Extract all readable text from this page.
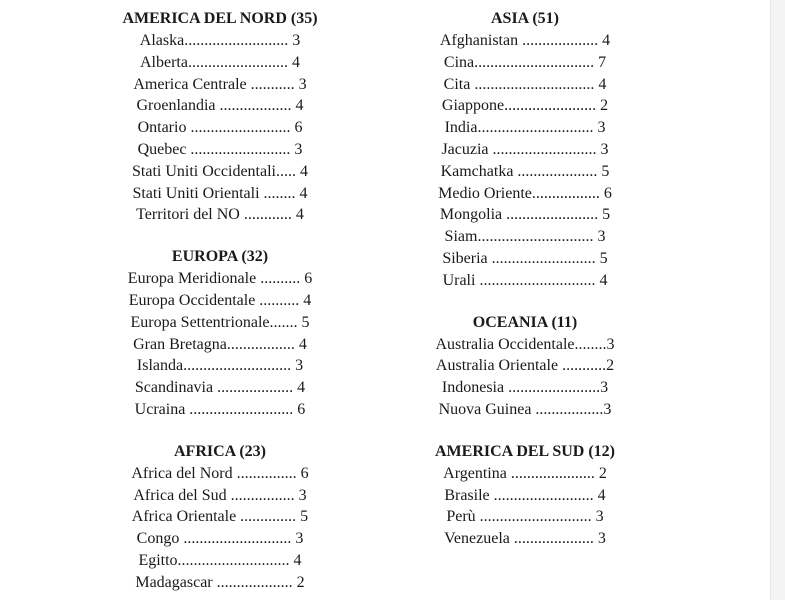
AMERICA DEL NORD (35)
Alaska.......................... 3
Alberta......................... 4
America Centrale ........... 3
Groenlandia .................. 4
Ontario ......................... 6
Quebec ......................... 3
Stati Uniti Occidentali..... 4
Stati Uniti Orientali ........ 4
Territori del NO ............ 4
EUROPA (32)
Europa Meridionale .......... 6
Europa Occidentale .......... 4
Europa Settentrionale....... 5
Gran Bretagna................. 4
Islanda........................... 3
Scandinavia ................... 4
Ucraina .......................... 6
AFRICA (23)
Africa del Nord ............... 6
Africa del Sud ................ 3
Africa Orientale .............. 5
Congo ........................... 3
Egitto............................ 4
Madagascar ................... 2
ASIA (51)
Afghanistan ................... 4
Cina.............................. 7
Cita .............................. 4
Giappone....................... 2
India............................. 3
Jacuzia .......................... 3
Kamchatka .................... 5
Medio Oriente................. 6
Mongolia ....................... 5
Siam............................. 3
Siberia .......................... 5
Urali ............................. 4
OCEANIA (11)
Australia Occidentale........3
Australia Orientale ...........2
Indonesia .......................3
Nuova Guinea .................3
AMERICA DEL SUD (12)
Argentina ..................... 2
Brasile ......................... 4
Perù ............................ 3
Venezuela .................... 3
